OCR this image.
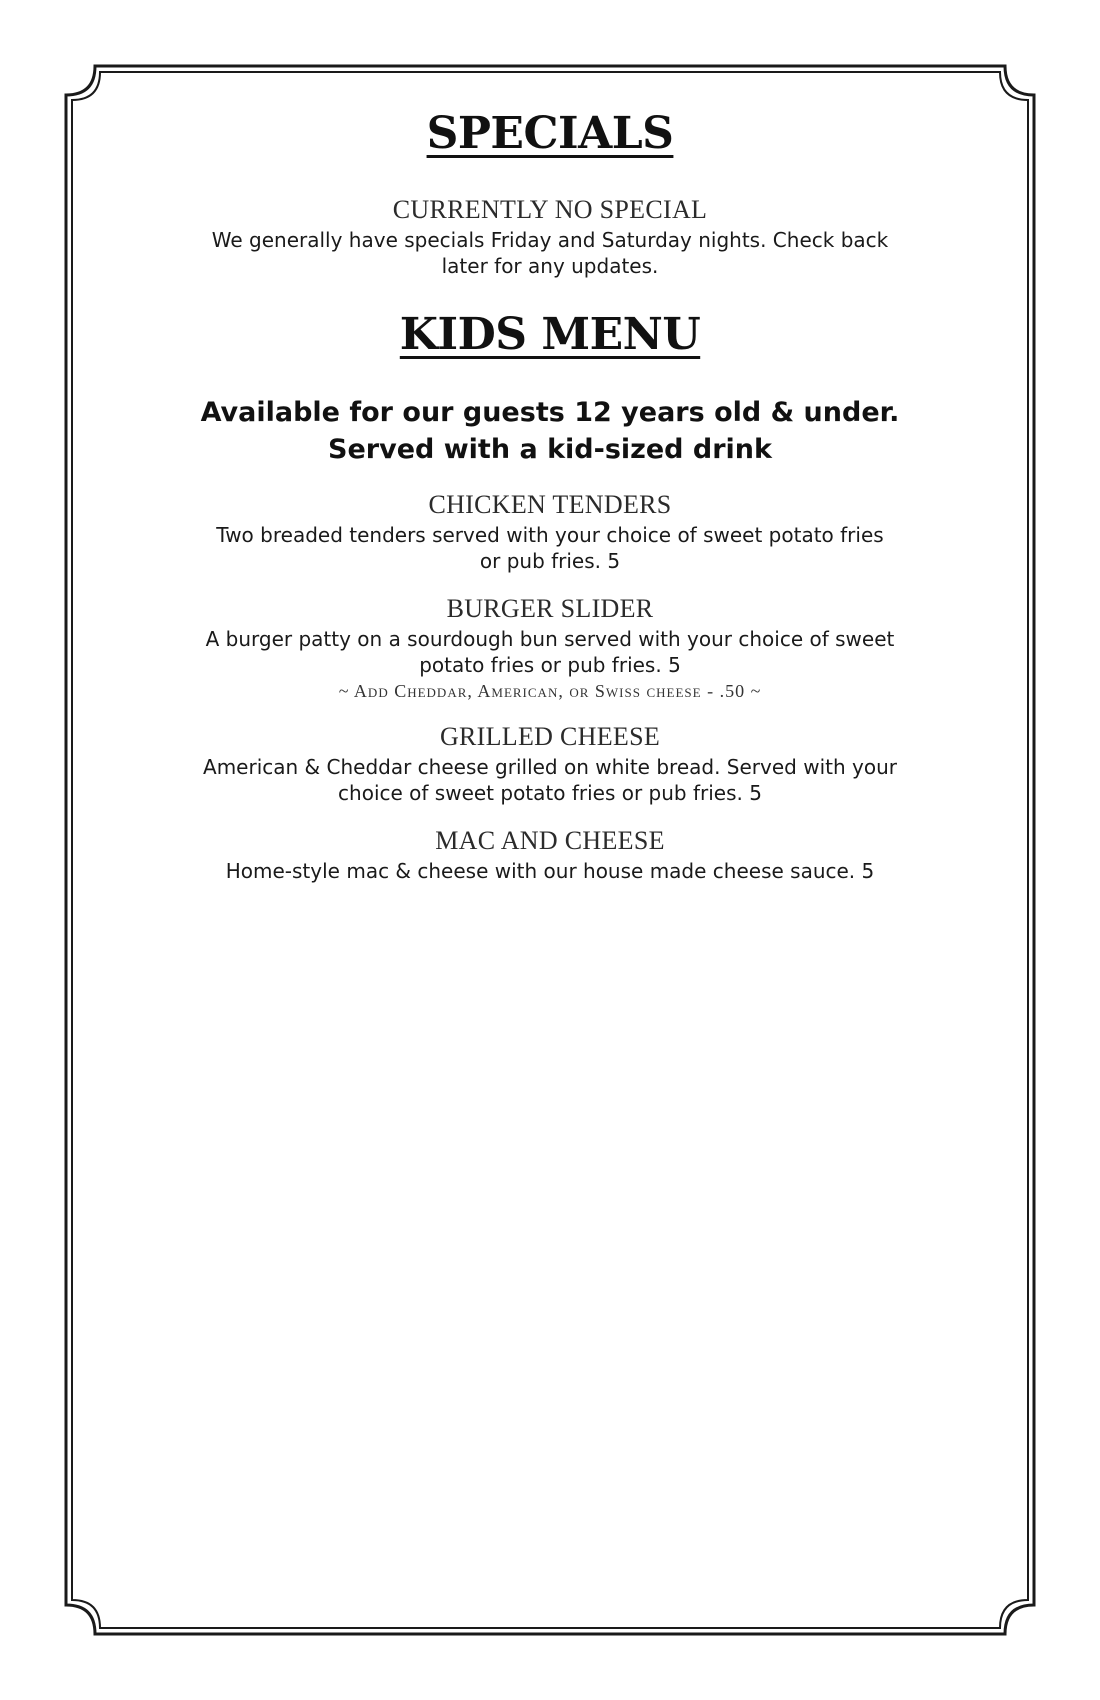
SPECIALS
CURRENTLY NO SPECIAL
We generally have specials Friday and Saturday nights. Check back
later for any updates.
KIDS MENU
Available for our guests 12 years old & under.
Served with a kid-sized drink
CHICKEN TENDERS
Two breaded tenders served with your choice of sweet potato fries
or pub fries. 5
BURGER SLIDER
A burger patty on a sourdough bun served with your choice of sweet
potato fries or pub fries. 5
~ Add Cheddar, American, or Swiss cheese - .50 ~
GRILLED CHEESE
American & Cheddar cheese grilled on white bread. Served with your
choice of sweet potato fries or pub fries. 5
MAC AND CHEESE
Home-style mac & cheese with our house made cheese sauce. 5
